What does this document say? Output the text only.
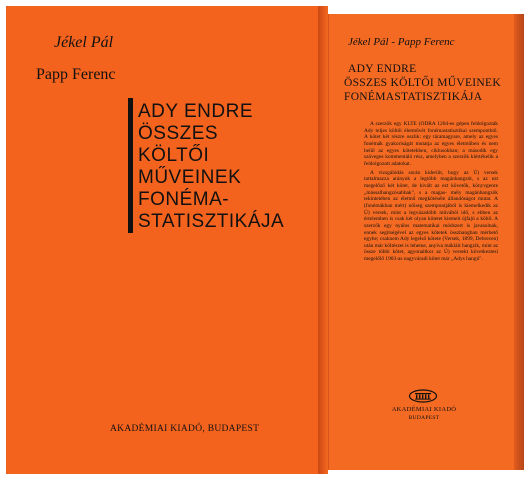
Jékel Pál
Papp Ferenc
ADY ENDRE
ÖSSZES
KÖLTŐI
MŰVEINEK
FONÉMA-
STATISZTIKÁJA
AKADÉMIAI KIADÓ, BUDAPEST
Jékel Pál - Papp Ferenc
ADY ENDRE
ÖSSZES KÖLTŐI MŰVEINEK
FONÉMASTATISZTIKÁJA

A szerzők egy KLTE (ODRA 1204-es gépen feldolgozták Ady teljes költői életművét fonémastatisztikai szempontból. A kötet két részre oszlik: egy táramagyare, amely az egyes fonémák gyakoriságát mutatja az egyes életműben és nem belül az egyes kötetekben, ciklusokban; a második egy szöveges kommentáló rész, amelyben a szerzők kiértékelik a feldolgozott adatokat.

A vizsgálódás során kiderült, hogy az Ú) versek tartalmazza arányuk a legtöbb magánhangzót, s az ezt megelőző két kötet, de kivált az ezt követők, könyvgenre „mássalhangzósabbak", s a magas- mély magánhangzók tekintetében az életmű megkötéséle állandóságot mutat. A (fonémákban mért) nőiseg szempontjából is kiemelkedik az Ú) versek, mint a legvázadóbb művából idő, s ebben az értelemben is csak két olyan kötetet kiemelt újfajú a költő. A szerzők egy nyálos matematikai módszert is javasolnak, ennek segítségével az egyes kötetek összhangban mérhető egybe; csaknem Ady legelső kötete (Versek, 1899, Debrecen) után már költészet is lehetne, anyiva mákláit hangzik, mint az össze többi kötet, agyonaltkor az Ú) versekt következtesi megelőlő 1903-as nagyváradi kötet már „Adys hangú".

AKADÉMIAI KIADÓ
BUDAPEST
